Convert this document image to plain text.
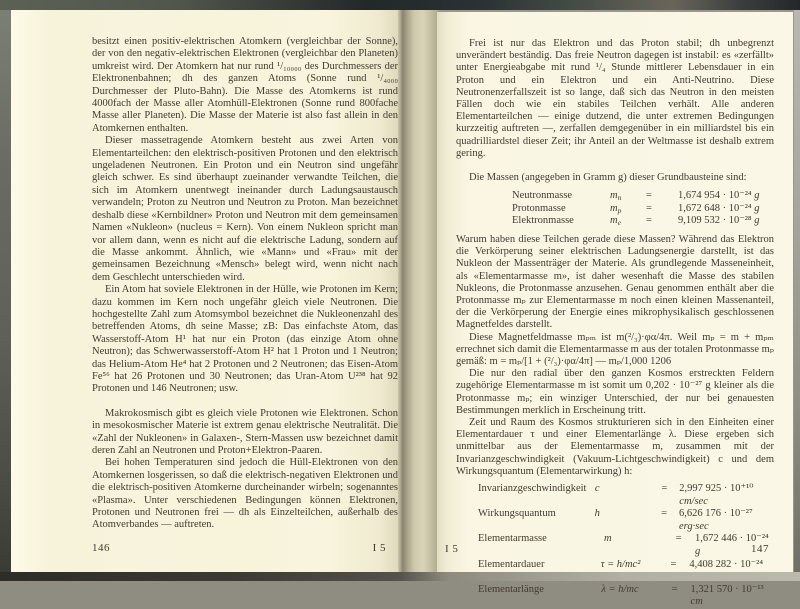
besitzt einen positiv-elektrischen Atomkern (vergleichbar der Sonne), der von den negativ-elektrischen Elektronen (vergleichbar den Planeten) umkreist wird. Der Atomkern hat nur rund ¹/₁₀₀₀₀ des Durchmessers der Elektronenbahnen; dh des ganzen Atoms (Sonne rund ¹/₄₀₀₀ Durchmesser der Pluto-Bahn). Die Masse des Atomkerns ist rund 4000fach der Masse aller Atomhüll-Elektronen (Sonne rund 800fache Masse aller Planeten). Die Masse der Materie ist also fast allein in den Atomkernen enthalten.

Dieser massetragende Atomkern besteht aus zwei Arten von Elementarteilchen: den elektrisch-positiven Protonen und den elektrisch ungeladenen Neutronen. Ein Proton und ein Neutron sind ungefähr gleich schwer. Es sind überhaupt zueinander verwandte Teilchen, die sich im Atomkern unentwegt ineinander durch Ladungsaustausch verwandeln; Proton zu Neutron und Neutron zu Proton. Man bezeichnet deshalb diese «Kernbildner» Proton und Neutron mit dem gemeinsamen Namen «Nukleon» (nucleus = Kern). Von einem Nukleon spricht man vor allem dann, wenn es nicht auf die elektrische Ladung, sondern auf die Masse ankommt. Ähnlich, wie «Mann» und «Frau» mit der gemeinsamen Bezeichnung «Mensch» belegt wird, wenn nicht nach dem Geschlecht unterschieden wird.

Ein Atom hat soviele Elektronen in der Hülle, wie Protonen im Kern; dazu kommen im Kern noch ungefähr gleich viele Neutronen. Die hochgestellte Zahl zum Atomsymbol bezeichnet die Nukleonenzahl des betreffenden Atoms, dh seine Masse; zB: Das einfachste Atom, das Wasserstoff-Atom H¹ hat nur ein Proton (das einzige Atom ohne Neutron); das Schwerwasserstoff-Atom H² hat 1 Proton und 1 Neutron; das Helium-Atom He⁴ hat 2 Protonen und 2 Neutronen; das Eisen-Atom Fe⁵⁶ hat 26 Protonen und 30 Neutronen; das Uran-Atom U²³⁸ hat 92 Protonen und 146 Neutronen; usw.

Makrokosmisch gibt es gleich viele Protonen wie Elektronen. Schon in mesokosmischer Materie ist extrem genau elektrische Neutralität. Die «Zahl der Nukleonen» in Galaxen-, Stern-Massen usw bezeichnet damit deren Zahl an Neutronen und Proton+Elektron-Paaren.

Bei hohen Temperaturen sind jedoch die Hüll-Elektronen von den Atomkernen losgerissen, so daß die elektrisch-negativen Elektronen und die elektrisch-positiven Atomkerne durcheinander wirbeln; sogenanntes «Plasma». Unter verschiedenen Bedingungen können Elektronen, Protonen und Neutronen frei — dh als Einzelteilchen, außerhalb des Atomverbandes — auftreten.

146	I 5

Frei ist nur das Elektron und das Proton stabil; dh unbegrenzt unverändert beständig. Das freie Neutron dagegen ist instabil: es «zerfällt» unter Energieabgabe mit rund ¹/₄ Stunde mittlerer Lebensdauer in ein Proton und ein Elektron und ein Anti-Neutrino. Diese Neutronenzerfallszeit ist so lange, daß sich das Neutron in den meisten Fällen doch wie ein stabiles Teilchen verhält. Alle anderen Elementarteilchen — einige dutzend, die unter extremen Bedingungen kurzzeitig auftreten —, zerfallen demgegenüber in ein milliardstel bis ein quadrilliardstel dieser Zeit; ihr Anteil an der Weltmasse ist deshalb extrem gering.

Die Massen (angegeben in Gramm g) dieser Grundbausteine sind:

Neutronmasse	$m_n$	=	1,674 954 · 10⁻²⁴ g
Protonmasse	$m_p$	=	1,672 648 · 10⁻²⁴ g
Elektronmasse	$m_e$	=	9,109 532 · 10⁻²⁸ g

Warum haben diese Teilchen gerade diese Massen? Während das Elektron die Verkörperung seiner elektrischen Ladungsenergie darstellt, ist das Nukleon der Massenträger der Materie. Als grundlegende Masseneinheit, als «Elementarmasse m», ist daher wesenhaft die Masse des stabilen Nukleons, die Protonmasse anzusehen. Genau genommen enthält aber die Protonmasse mₚ zur Elementarmasse m noch einen kleinen Massenanteil, der die Verkörperung der Energie eines mikrophysikalisch geschlossenen Magnetfeldes darstellt.

Diese Magnetfeldmasse mₚₘ ist m(²/₃)·φα/4π. Weil mₚ = m + mₚₘ errechnet sich damit die Elementarmasse m aus der totalen Protonmasse mₚ gemäß: m = mₚ/[1 + (²/₃)·φα/4π] — mₚ/1,000 1206

Die nur den radial über den ganzen Kosmos erstreckten Feldern zugehörige Elementarmasse m ist somit um 0,202 · 10⁻²⁷ g kleiner als die Protonmasse mₚ; ein winziger Unterschied, der nur bei genauesten Bestimmungen merklich in Erscheinung tritt.

Zeit und Raum des Kosmos strukturieren sich in den Einheiten einer Elementardauer τ und einer Elementarlänge λ. Diese ergeben sich unmittelbar aus der Elementarmasse m, zusammen mit der Invarianzgeschwindigkeit (Vakuum-Lichtgeschwindigkeit) c und dem Wirkungsquantum (Elementarwirkung) h:

Invarianzgeschwindigkeit c	=	2,997 925 · 10⁺¹⁰ cm/sec
Wirkungsquantum	h	=	6,626 176 · 10⁻²⁷ erg·sec
Elementarmasse	m	=	1,672 446 · 10⁻²⁴ g
Elementardauer	τ = h/mc²	=	4,408 282 · 10⁻²⁴
Elementarlänge	λ = h/mc	=	1,321 570 · 10⁻¹³ cm
I 5	147
